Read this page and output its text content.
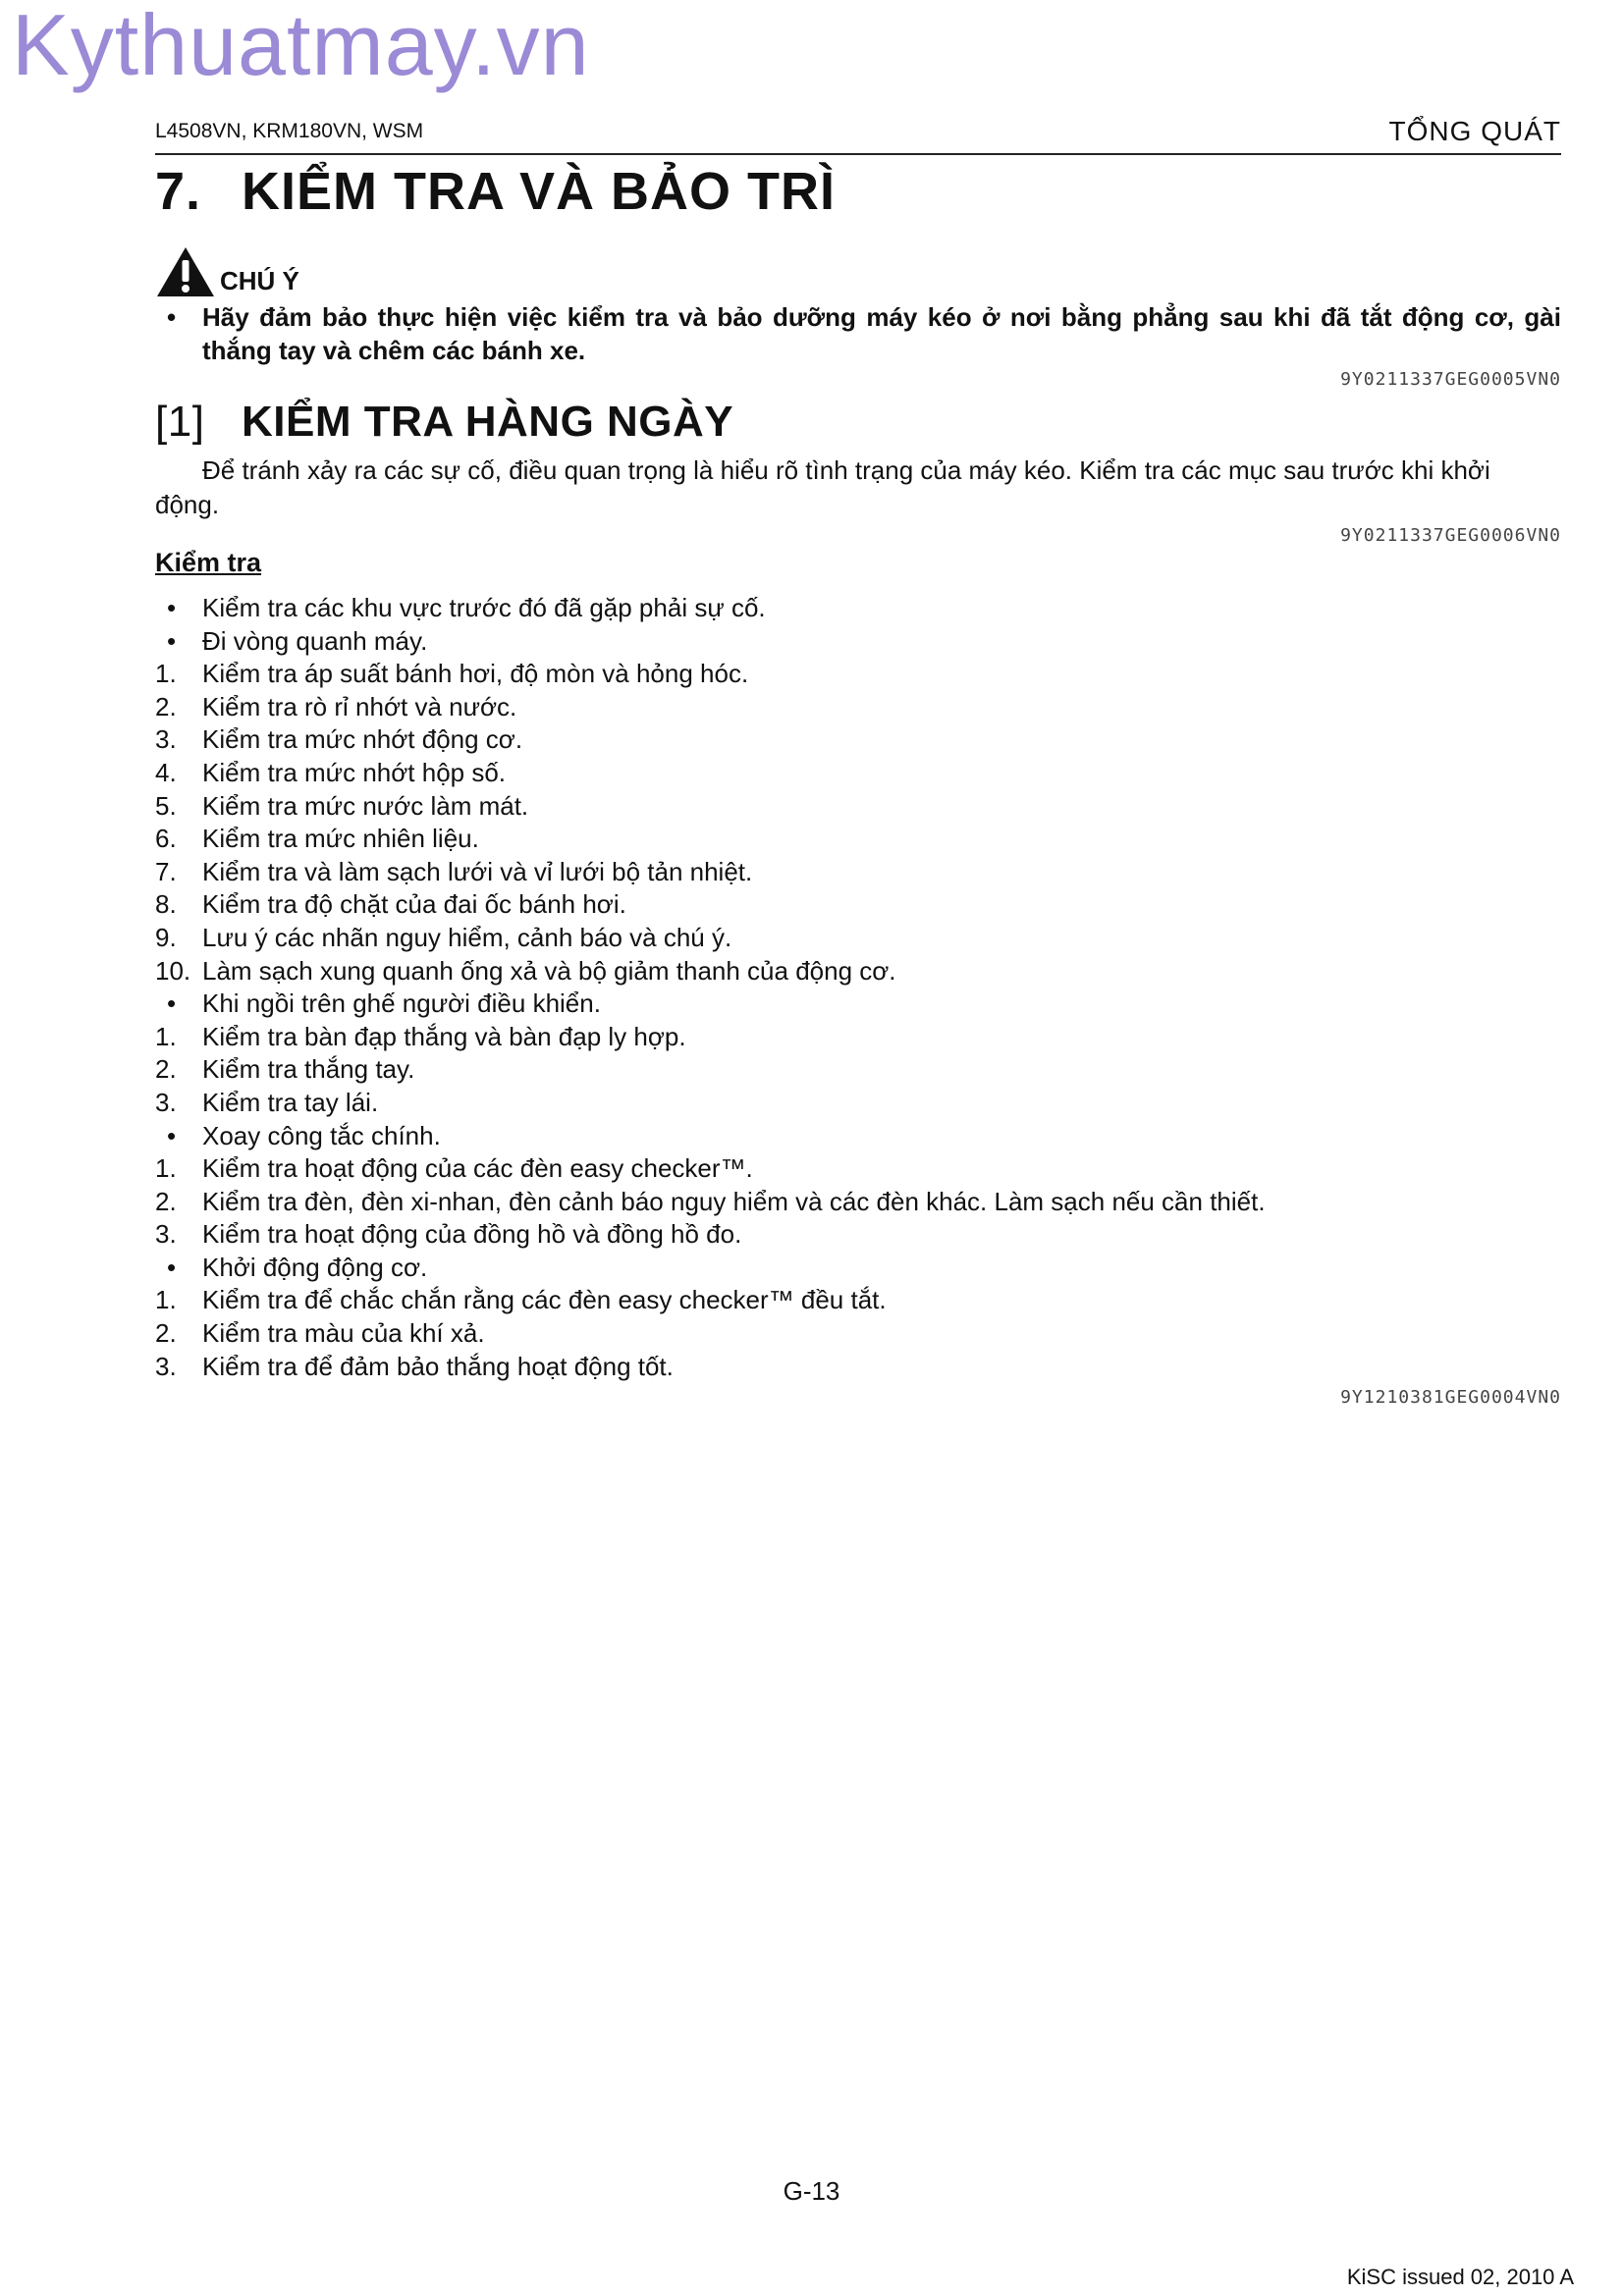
Kythuatmay.vn
L4508VN, KRM180VN, WSM	TỔNG QUÁT
7. KIỂM TRA VÀ BẢO TRÌ
CHÚ Ý
• Hãy đảm bảo thực hiện việc kiểm tra và bảo dưỡng máy kéo ở nơi bằng phẳng sau khi đã tắt động cơ, gài thắng tay và chêm các bánh xe.
9Y0211337GEG0005VN0
[1] KIỂM TRA HÀNG NGÀY
Để tránh xảy ra các sự cố, điều quan trọng là hiểu rõ tình trạng của máy kéo. Kiểm tra các mục sau trước khi khởi động.
9Y0211337GEG0006VN0
Kiểm tra
•	Kiểm tra các khu vực trước đó đã gặp phải sự cố.
•	Đi vòng quanh máy.
1.	Kiểm tra áp suất bánh hơi, độ mòn và hỏng hóc.
2.	Kiểm tra rò rỉ nhớt và nước.
3.	Kiểm tra mức nhớt động cơ.
4.	Kiểm tra mức nhớt hộp số.
5.	Kiểm tra mức nước làm mát.
6.	Kiểm tra mức nhiên liệu.
7.	Kiểm tra và làm sạch lưới và vỉ lưới bộ tản nhiệt.
8.	Kiểm tra độ chặt của đai ốc bánh hơi.
9.	Lưu ý các nhãn nguy hiểm, cảnh báo và chú ý.
10. Làm sạch xung quanh ống xả và bộ giảm thanh của động cơ.
•	Khi ngồi trên ghế người điều khiển.
1.	Kiểm tra bàn đạp thắng và bàn đạp ly hợp.
2.	Kiểm tra thắng tay.
3.	Kiểm tra tay lái.
•	Xoay công tắc chính.
1.	Kiểm tra hoạt động của các đèn easy checker™.
2.	Kiểm tra đèn, đèn xi-nhan, đèn cảnh báo nguy hiểm và các đèn khác. Làm sạch nếu cần thiết.
3.	Kiểm tra hoạt động của đồng hồ và đồng hồ đo.
•	Khởi động động cơ.
1.	Kiểm tra để chắc chắn rằng các đèn easy checker™ đều tắt.
2.	Kiểm tra màu của khí xả.
3.	Kiểm tra để đảm bảo thắng hoạt động tốt.
9Y1210381GEG0004VN0
G-13
KiSC issued 02, 2010 A
